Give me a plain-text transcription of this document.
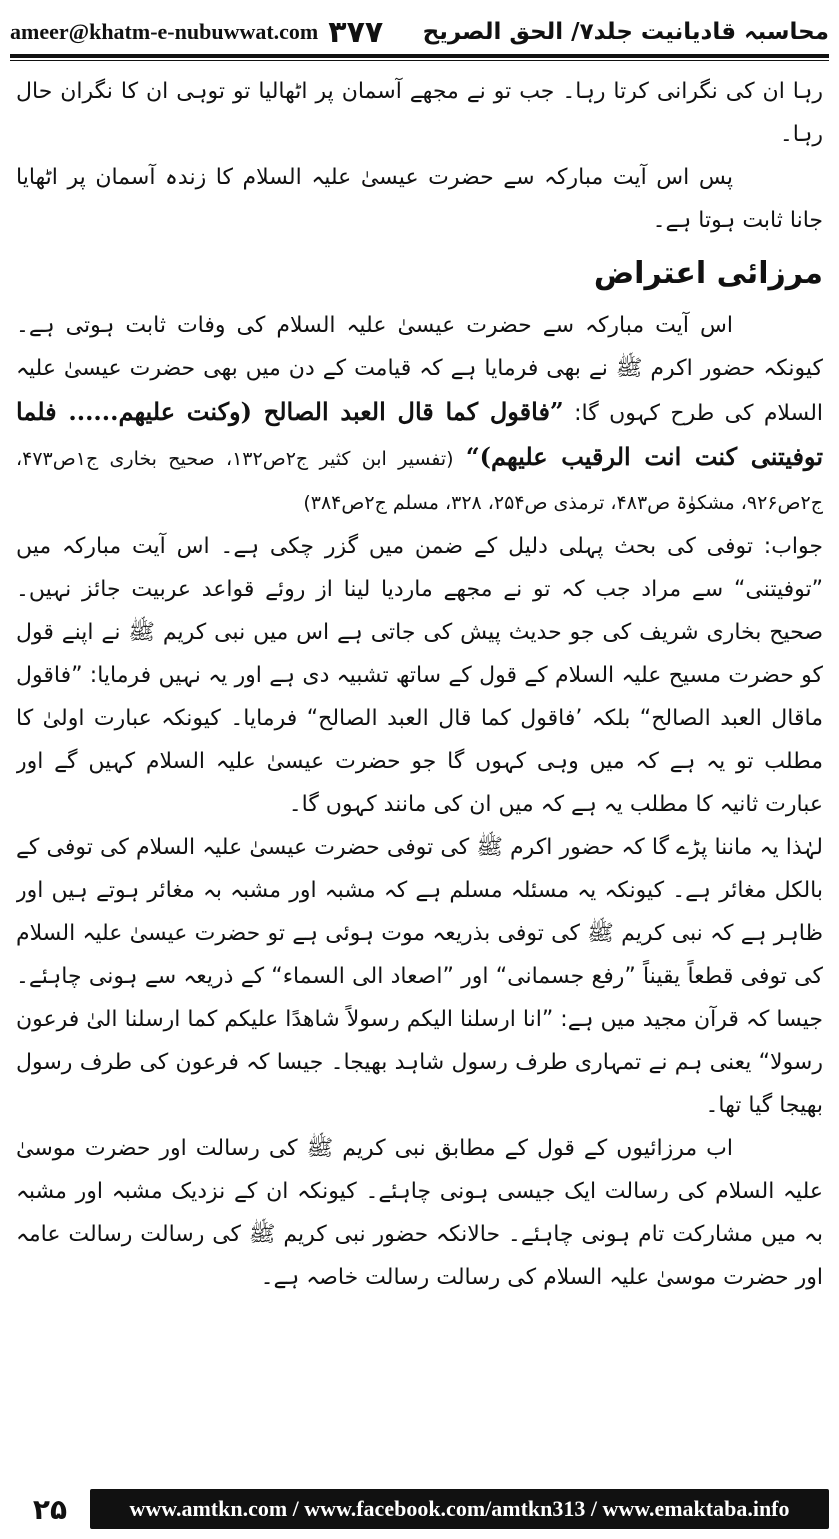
ameer@khatm-e-nubuwwat.com ۳۷۷ محاسبہ قادیانیت جلد۷/ الحق الصریح

رہا ان کی نگرانی کرتا رہا۔ جب تو نے مجھے آسمان پر اٹھالیا تو توہی ان کا نگران حال رہا۔

پس اس آیت مبارکہ سے حضرت عیسیٰ علیہ السلام کا زندہ آسمان پر اٹھایا جانا ثابت ہوتا ہے۔

مرزائی اعتراض

اس آیت مبارکہ سے حضرت عیسیٰ علیہ السلام کی وفات ثابت ہوتی ہے۔ کیونکہ حضور اکرم ﷺ نے بھی فرمایا ہے کہ قیامت کے دن میں بھی حضرت عیسیٰ علیہ السلام کی طرح کہوں گا: ”فاقول کما قال العبد الصالح (وکنت علیھم...... فلما توفیتنی کنت انت الرقیب علیھم)“ (تفسیر ابن کثیر ج۲ص۱۳۲، صحیح بخاری ج۱ص۴۷۳، ج۲ص۹۲۶، مشکوٰۃ ص۴۸۳، ترمذی ص۲۵۴، ۳۲۸، مسلم ج۲ص۳۸۴)

جواب: توفی کی بحث پہلی دلیل کے ضمن میں گزر چکی ہے۔ اس آیت مبارکہ میں ”توفیتنی“ سے مراد جب کہ تو نے مجھے ماردیا لینا از روئے قواعد عربیت جائز نہیں۔ صحیح بخاری شریف کی جو حدیث پیش کی جاتی ہے اس میں نبی کریم ﷺ نے اپنے قول کو حضرت مسیح علیہ السلام کے قول کے ساتھ تشبیہ دی ہے اور یہ نہیں فرمایا: ”فاقول ماقال العبد الصالح“ بلکہ ’فاقول کما قال العبد الصالح“ فرمایا۔ کیونکہ عبارت اولیٰ کا مطلب تو یہ ہے کہ میں وہی کہوں گا جو حضرت عیسیٰ علیہ السلام کہیں گے اور عبارت ثانیہ کا مطلب یہ ہے کہ میں ان کی مانند کہوں گا۔

لہٰذا یہ ماننا پڑے گا کہ حضور اکرم ﷺ کی توفی حضرت عیسیٰ علیہ السلام کی توفی کے بالکل مغائر ہے۔ کیونکہ یہ مسئلہ مسلم ہے کہ مشبہ اور مشبہ بہ مغائر ہوتے ہیں اور ظاہر ہے کہ نبی کریم ﷺ کی توفی بذریعہ موت ہوئی ہے تو حضرت عیسیٰ علیہ السلام کی توفی قطعاً یقیناً ”رفع جسمانی“ اور ”اصعاد الی السماء“ کے ذریعہ سے ہونی چاہئے۔ جیسا کہ قرآن مجید میں ہے: ”انا ارسلنا الیکم رسولاً شاھدًا علیکم کما ارسلنا الیٰ فرعون رسولا“ یعنی ہم نے تمہاری طرف رسول شاہد بھیجا۔ جیسا کہ فرعون کی طرف رسول بھیجا گیا تھا۔

اب مرزائیوں کے قول کے مطابق نبی کریم ﷺ کی رسالت اور حضرت موسیٰ علیہ السلام کی رسالت ایک جیسی ہونی چاہئے۔ کیونکہ ان کے نزدیک مشبہ اور مشبہ بہ میں مشارکت تام ہونی چاہئے۔ حالانکہ حضور نبی کریم ﷺ کی رسالت رسالت عامہ اور حضرت موسیٰ علیہ السلام کی رسالت رسالت خاصہ ہے۔

۲۵	www.amtkn.com / www.facebook.com/amtkn313 / www.emaktaba.info
